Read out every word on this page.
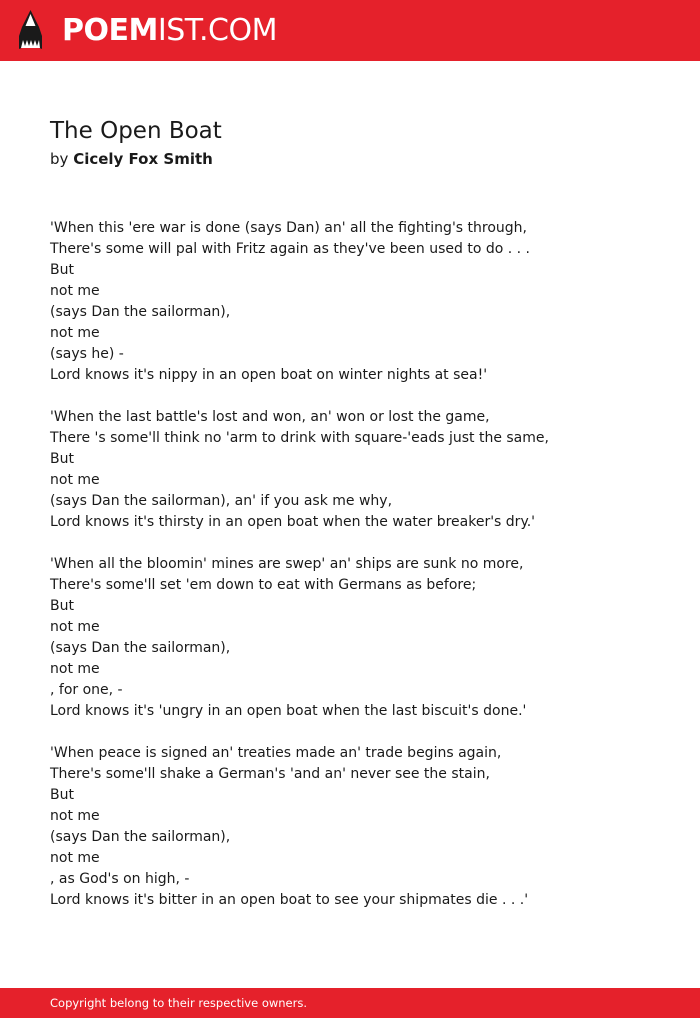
POEMIST.COM
The Open Boat
by Cicely Fox Smith
'When this 'ere war is done (says Dan) an' all the fighting's through,
There's some will pal with Fritz again as they've been used to do . . .
But
not me
(says Dan the sailorman),
not me
(says he) -
Lord knows it's nippy in an open boat on winter nights at sea!'
'When the last battle's lost and won, an' won or lost the game,
There 's some'll think no 'arm to drink with square-'eads just the same,
But
not me
(says Dan the sailorman), an' if you ask me why,
Lord knows it's thirsty in an open boat when the water breaker's dry.'
'When all the bloomin' mines are swep' an' ships are sunk no more,
There's some'll set 'em down to eat with Germans as before;
But
not me
(says Dan the sailorman),
not me
, for one, -
Lord knows it's 'ungry in an open boat when the last biscuit's done.'
'When peace is signed an' treaties made an' trade begins again,
There's some'll shake a German's 'and an' never see the stain,
But
not me
(says Dan the sailorman),
not me
, as God's on high, -
Lord knows it's bitter in an open boat to see your shipmates die . . .'
Copyright belong to their respective owners.
